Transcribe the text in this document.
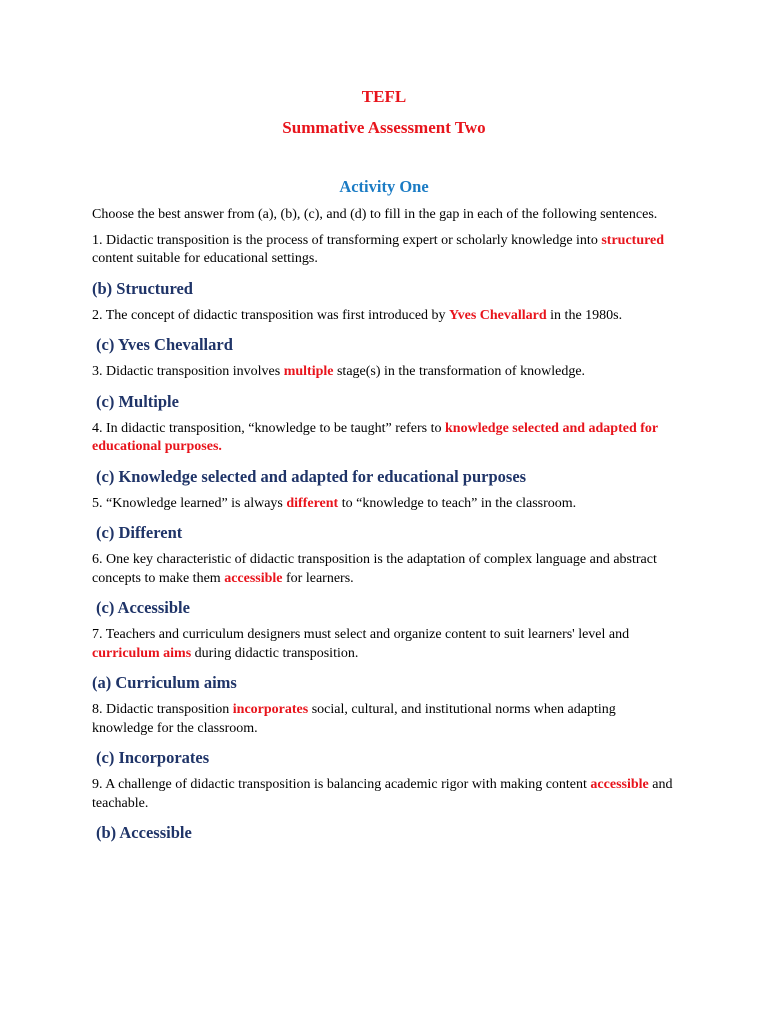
TEFL

Summative Assessment Two

Activity One

Choose the best answer from (a), (b), (c), and (d) to fill in the gap in each of the following sentences.

1. Didactic transposition is the process of transforming expert or scholarly knowledge into structured content suitable for educational settings.

(b) Structured

2. The concept of didactic transposition was first introduced by Yves Chevallard in the 1980s.

(c) Yves Chevallard

3. Didactic transposition involves multiple stage(s) in the transformation of knowledge.

(c) Multiple

4. In didactic transposition, “knowledge to be taught” refers to knowledge selected and adapted for educational purposes.

(c) Knowledge selected and adapted for educational purposes

5. “Knowledge learned” is always different to “knowledge to teach” in the classroom.

(c) Different

6. One key characteristic of didactic transposition is the adaptation of complex language and abstract concepts to make them accessible for learners.

(c) Accessible

7. Teachers and curriculum designers must select and organize content to suit learners' level and curriculum aims during didactic transposition.

(a) Curriculum aims

8. Didactic transposition incorporates social, cultural, and institutional norms when adapting knowledge for the classroom.

(c) Incorporates

9. A challenge of didactic transposition is balancing academic rigor with making content accessible and teachable.

(b) Accessible
